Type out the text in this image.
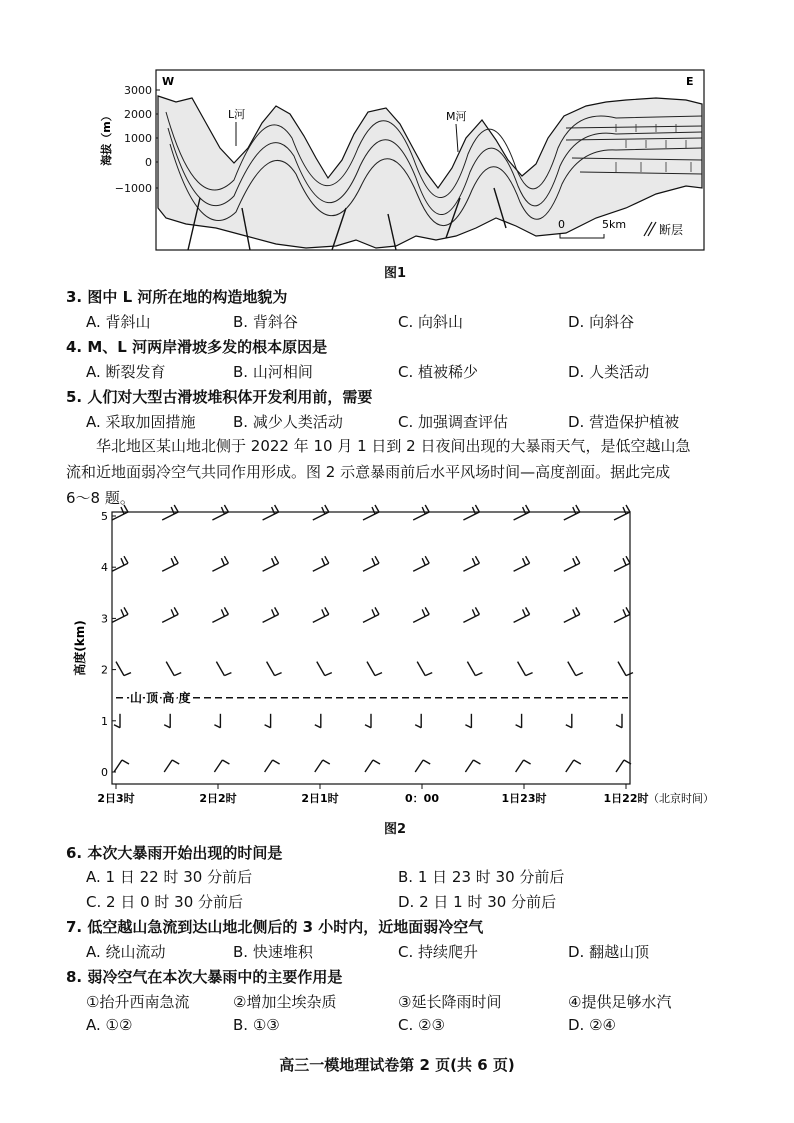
3000
2000
1000
0
−1000
海拔（m）
W	E
L河	M河
0	5km	断层
图1
3. 图中 L 河所在地的构造地貌为
A. 背斜山	B. 背斜谷	C. 向斜山	D. 向斜谷
4. M、L 河两岸滑坡多发的根本原因是
A. 断裂发育	B. 山河相间	C. 植被稀少	D. 人类活动
5. 人们对大型古滑坡堆积体开发利用前，需要
A. 采取加固措施 B. 减少人类活动	C. 加强调查评估	D. 营造保护植被
华北地区某山地北侧于 2022 年 10 月 1 日到 2 日夜间出现的大暴雨天气，是低空越山急
流和近地面弱冷空气共同作用形成。图 2 示意暴雨前后水平风场时间—高度剖面。据此完成
6～8 题。
高度(km)
0
1
2
3
4
5
2日3时	2日2时	2日1时	0：00	1日23时	1日22时
山 顶 高 度
（北京时间）
图2
6. 本次大暴雨开始出现的时间是
A. 1 日 22 时 30 分前后	B. 1 日 23 时 30 分前后
C. 2 日 0 时 30 分前后	D. 2 日 1 时 30 分前后
7. 低空越山急流到达山地北侧后的 3 小时内，近地面弱冷空气
A. 绕山流动	B. 快速堆积	C. 持续爬升	D. 翻越山顶
8. 弱冷空气在本次大暴雨中的主要作用是
①抬升西南急流	②增加尘埃杂质	③延长降雨时间	④提供足够水汽
A. ①②	B. ①③	C. ②③	D. ②④
高三一模地理试卷第 2 页(共 6 页)
